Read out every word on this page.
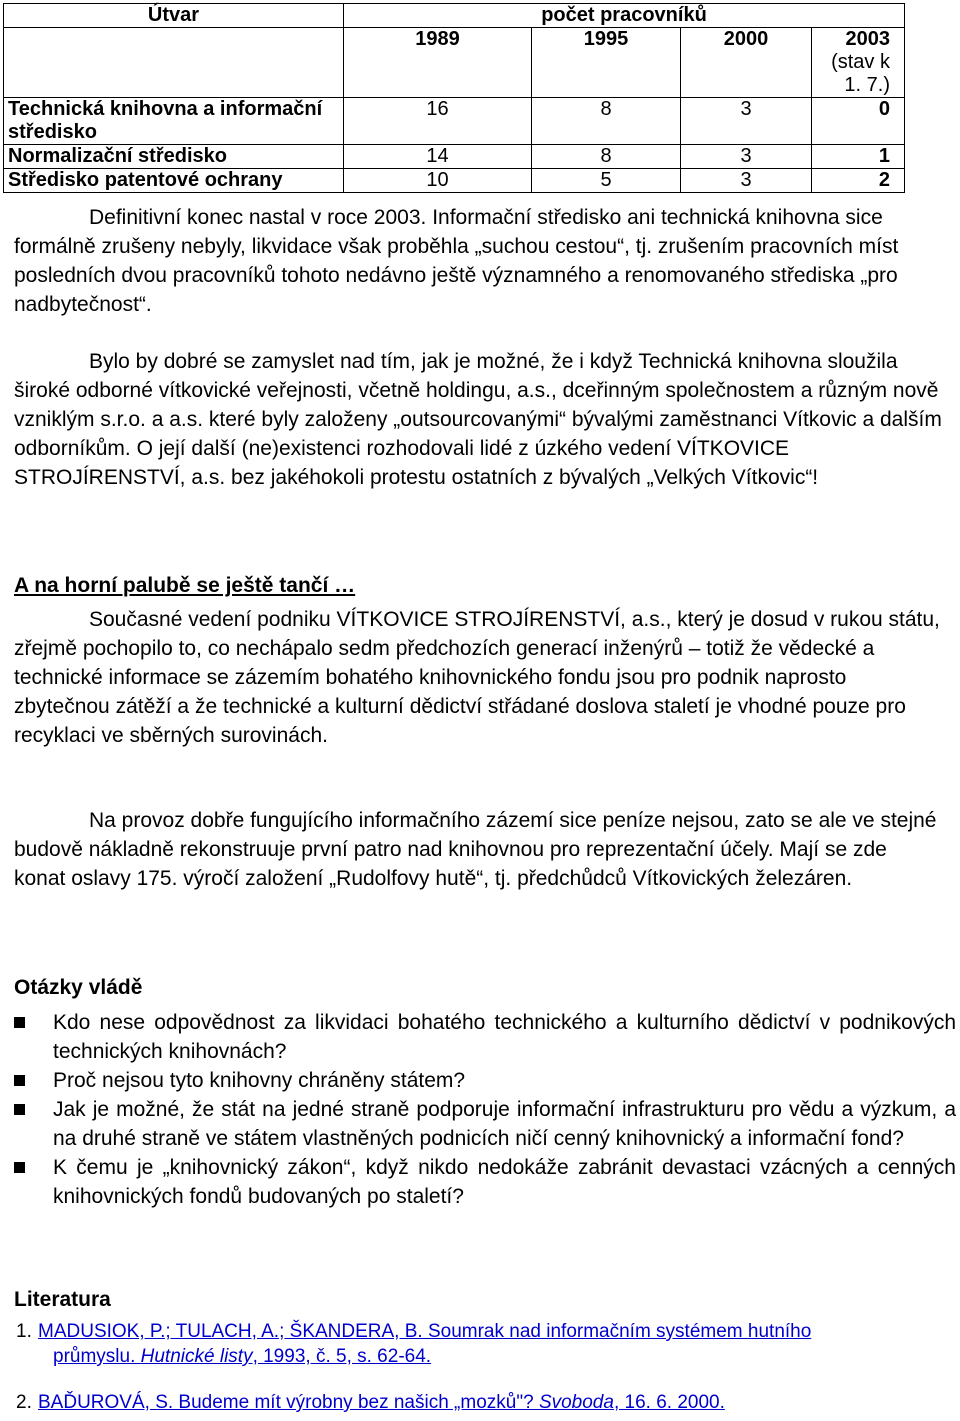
Útvar	počet pracovníků			
	1989	1995	2000	2003
(stav k 1. 7.)

Technická knihovna a informační středisko	16	8	3	0
Normalizační středisko	14	8	3	1
Středisko patentové ochrany	10	5	3	2

Definitivní konec nastal v roce 2003. Informační středisko ani technická knihovna sice formálně zrušeny nebyly, likvidace však proběhla „suchou cestou“, tj. zrušením pracovních míst posledních dvou pracovníků tohoto nedávno ještě významného a renomovaného střediska „pro nadbytečnost“.

Bylo by dobré se zamyslet nad tím, jak je možné, že i když Technická knihovna sloužila široké odborné vítkovické veřejnosti, včetně holdingu, a.s., dceřinným společnostem a různým nově vzniklým s.r.o. a a.s. které byly založeny „outsourcovanými“ bývalými zaměstnanci Vítkovic a dalším odborníkům. O její další (ne)existenci rozhodovali lidé z úzkého vedení VÍTKOVICE STROJÍRENSTVÍ, a.s. bez jakéhokoli protestu ostatních z bývalých „Velkých Vítkovic“!

A na horní palubě se ještě tančí …

Současné vedení podniku VÍTKOVICE STROJÍRENSTVÍ, a.s., který je dosud v rukou státu, zřejmě pochopilo to, co nechápalo sedm předchozích generací inženýrů – totiž že vědecké a technické informace se zázemím bohatého knihovnického fondu jsou pro podnik naprosto zbytečnou zátěží a že technické a kulturní dědictví střádané doslova staletí je vhodné pouze pro recyklaci ve sběrných surovinách.

Na provoz dobře fungujícího informačního zázemí sice peníze nejsou, zato se ale ve stejné budově nákladně rekonstruuje první patro nad knihovnou pro reprezentační účely. Mají se zde konat oslavy 175. výročí založení „Rudolfovy hutě“, tj. předchůdců Vítkovických železáren.

Otázky vládě
Kdo nese odpovědnost za likvidaci bohatého technického a kulturního dědictví v podnikových technických knihovnách?
Proč nejsou tyto knihovny chráněny státem?
Jak je možné, že stát na jedné straně podporuje informační infrastrukturu pro vědu a výzkum, a na druhé straně ve státem vlastněných podnicích ničí cenný knihovnický a informační fond?
K čemu je „knihovnický zákon“, když nikdo nedokáže zabránit devastaci vzácných a cenných knihovnických fondů budovaných po staletí?
Literatura

1. MADUSIOK, P.; TULACH, A.; ŠKANDERA, B. Soumrak nad informačním systémem hutního
průmyslu. Hutnické listy, 1993, č. 5, s. 62-64.

2. BAĎUROVÁ, S. Budeme mít výrobny bez našich „mozků"? Svoboda, 16. 6. 2000.
